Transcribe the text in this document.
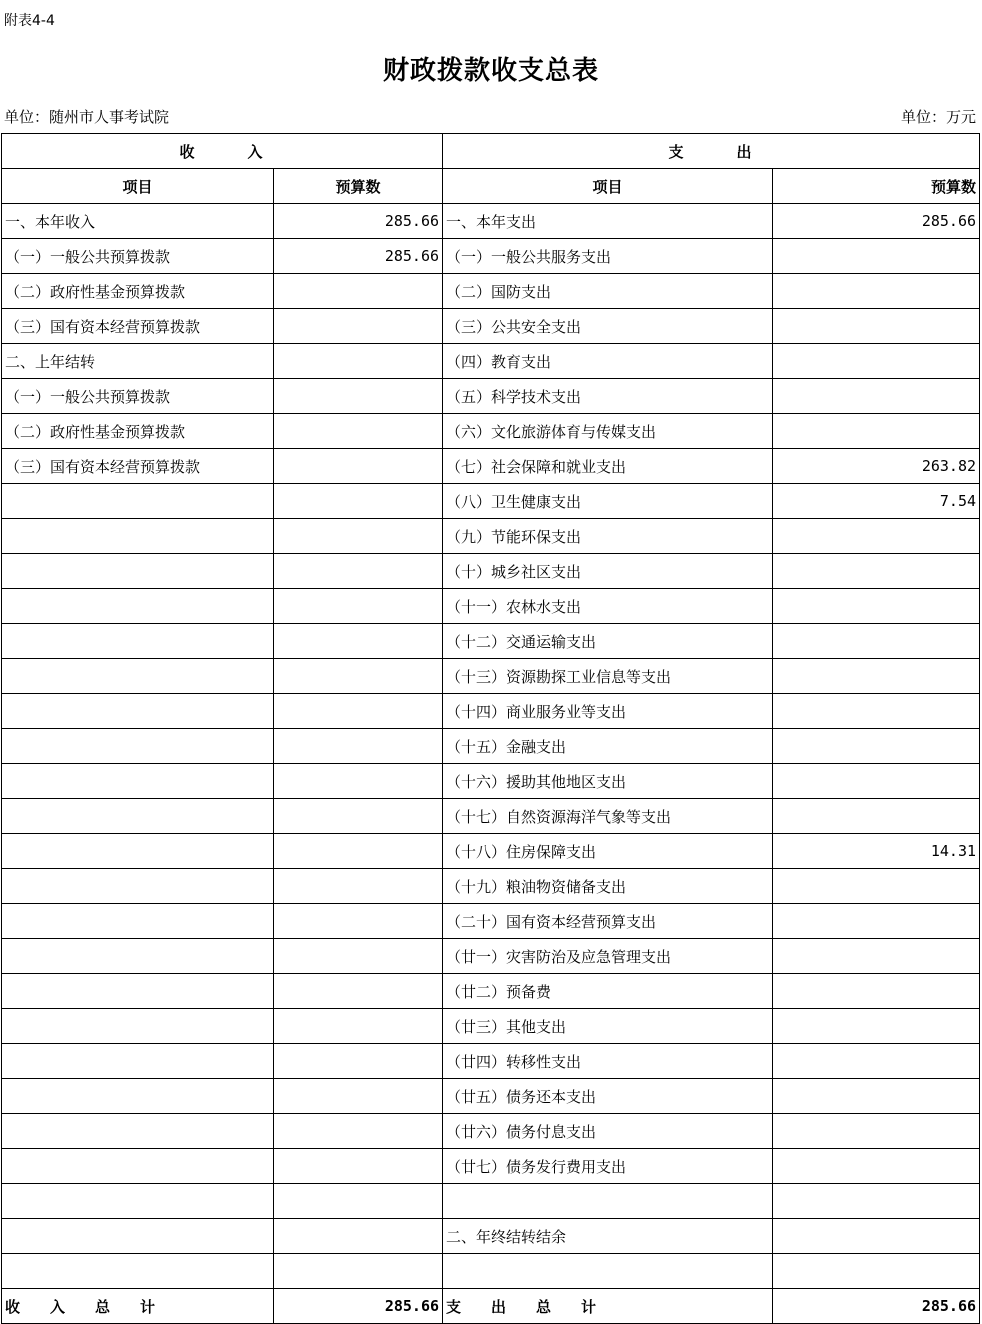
附表4-4
财政拨款收支总表
单位：随州市人事考试院	单位：万元
收　　　入		支　　　出	
项目	预算数	项目	预算数
一、本年收入	285.66	一、本年支出	285.66
（一）一般公共预算拨款	285.66	（一）一般公共服务支出	
（二）政府性基金预算拨款		（二）国防支出	
（三）国有资本经营预算拨款		（三）公共安全支出	
二、上年结转		（四）教育支出	
（一）一般公共预算拨款		（五）科学技术支出	
（二）政府性基金预算拨款		（六）文化旅游体育与传媒支出	
（三）国有资本经营预算拨款		（七）社会保障和就业支出	263.82
		（八）卫生健康支出	7.54
		（九）节能环保支出	
		（十）城乡社区支出	
		（十一）农林水支出	
		（十二）交通运输支出	
		（十三）资源勘探工业信息等支出	
		（十四）商业服务业等支出	
		（十五）金融支出	
		（十六）援助其他地区支出	
		（十七）自然资源海洋气象等支出	
		（十八）住房保障支出	14.31
		（十九）粮油物资储备支出	
		（二十）国有资本经营预算支出	
		（廿一）灾害防治及应急管理支出	
		（廿二）预备费	
		（廿三）其他支出	
		（廿四）转移性支出	
		（廿五）债务还本支出	
		（廿六）债务付息支出	
		（廿七）债务发行费用支出	

		二、年终结转结余	

收　　入　　总　　计	285.66	支　　出　　总　　计	285.66
